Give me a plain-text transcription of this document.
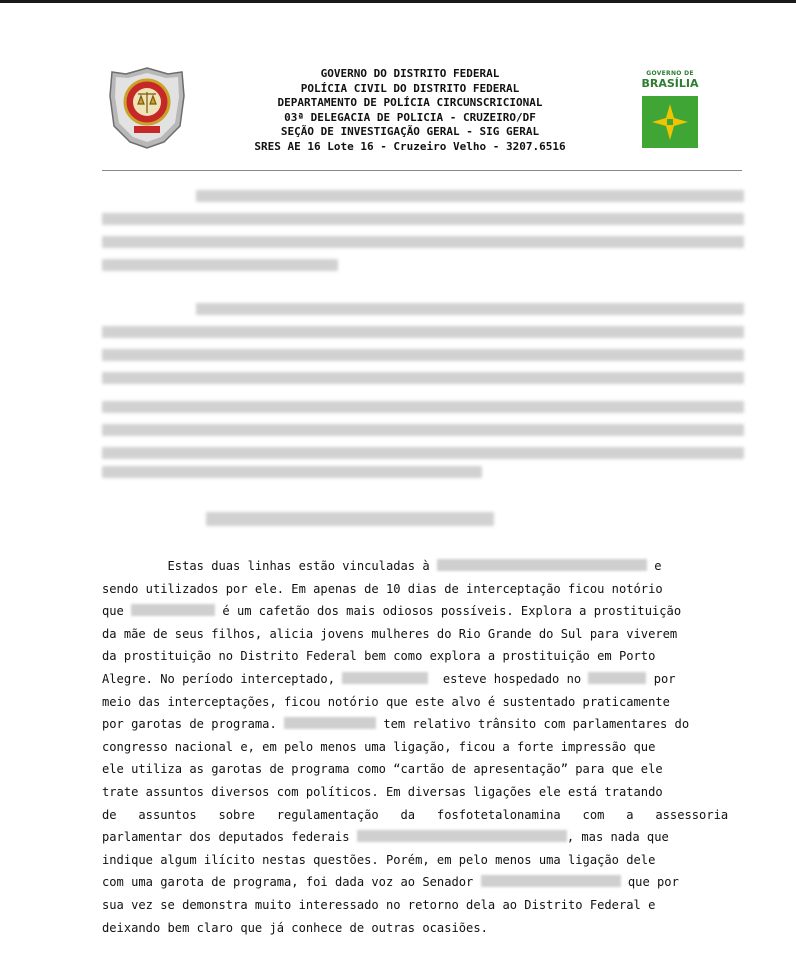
GOVERNO DO DISTRITO FEDERAL
POLÍCIA CIVIL DO DISTRITO FEDERAL
DEPARTAMENTO DE POLÍCIA CIRCUNSCRICIONAL
03ª DELEGACIA DE POLICIA - CRUZEIRO/DF
SEÇÃO DE INVESTIGAÇÃO GERAL - SIG GERAL
SRES AE 16 Lote 16 - Cruzeiro Velho - 3207.6516
GOVERNO DE
BRASÍLIA
Estas duas linhas estão vinculadas à	e
sendo utilizados por ele. Em apenas de 10 dias de interceptação ficou notório
que	é um cafetão dos mais odiosos possíveis. Explora a prostituição
da mãe de seus filhos, alicia jovens mulheres do Rio Grande do Sul para viverem
da prostituição no Distrito Federal bem como explora a prostituição em Porto
Alegre. No período interceptado,	esteve hospedado no	por
meio das interceptações, ficou notório que este alvo é sustentado praticamente
por garotas de programa.	tem relativo trânsito com parlamentares do
congresso nacional e, em pelo menos uma ligação, ficou a forte impressão que
ele utiliza as garotas de programa como “cartão de apresentação” para que ele
trate assuntos diversos com políticos. Em diversas ligações ele está tratando
de   assuntos   sobre   regulamentação   da   fosfotetalonamina   com   a   assessoria
parlamentar dos deputados federais	, mas nada que
indique algum ilícito nestas questões. Porém, em pelo menos uma ligação dele
com uma garota de programa, foi dada voz ao Senador	que por
sua vez se demonstra muito interessado no retorno dela ao Distrito Federal e
deixando bem claro que já conhece de outras ocasiões.
